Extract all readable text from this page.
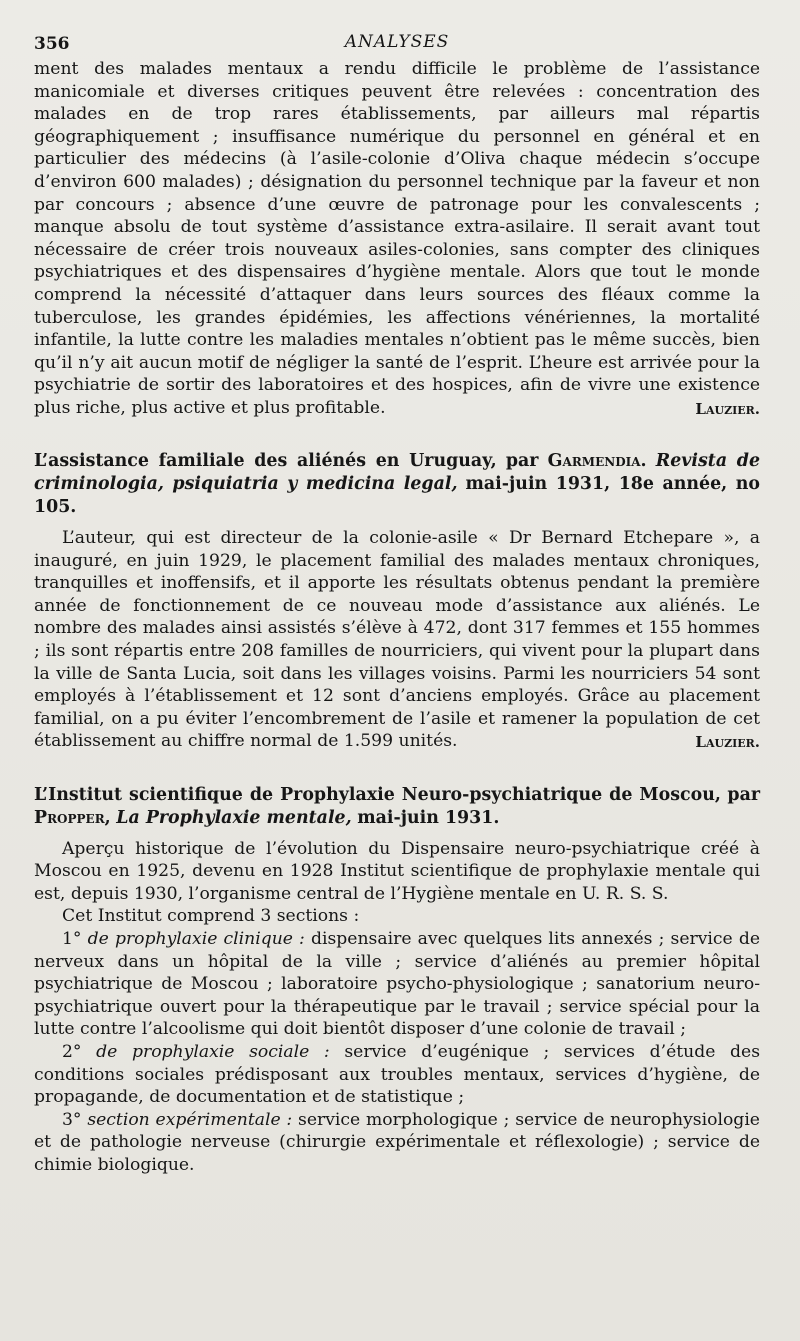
356	ANALYSES

ment des malades mentaux a rendu difficile le problème de l’assistance manicomiale et diverses critiques peuvent être relevées : concentration des malades en de trop rares établissements, par ailleurs mal répartis géographiquement ; insuffisance numérique du personnel en général et en particulier des médecins (à l’asile-colonie d’Oliva chaque médecin s’occupe d’environ 600 malades) ; désignation du personnel technique par la faveur et non par concours ; absence d’une œuvre de patronage pour les convalescents ; manque absolu de tout système d’assistance extra-asilaire. Il serait avant tout nécessaire de créer trois nouveaux asiles-colonies, sans compter des cliniques psychiatriques et des dispensaires d’hygiène mentale. Alors que tout le monde comprend la nécessité d’attaquer dans leurs sources des fléaux comme la tuberculose, les grandes épidémies, les affections vénériennes, la mortalité infantile, la lutte contre les maladies mentales n’obtient pas le même succès, bien qu’il n’y ait aucun motif de négliger la santé de l’esprit. L’heure est arrivée pour la psychiatrie de sortir des laboratoires et des hospices, afin de vivre une existence plus riche, plus active et plus profitable.	Lauzier.

L’assistance familiale des aliénés en Uruguay, par Garmendia. Revista de criminologia, psiquiatria y medicina legal, mai-juin 1931, 18e année, no 105.

L’auteur, qui est directeur de la colonie-asile « Dr Bernard Etchepare », a inauguré, en juin 1929, le placement familial des malades mentaux chroniques, tranquilles et inoffensifs, et il apporte les résultats obtenus pendant la première année de fonctionnement de ce nouveau mode d’assistance aux aliénés. Le nombre des malades ainsi assistés s’élève à 472, dont 317 femmes et 155 hommes ; ils sont répartis entre 208 familles de nourriciers, qui vivent pour la plupart dans la ville de Santa Lucia, soit dans les villages voisins. Parmi les nourriciers 54 sont employés à l’établissement et 12 sont d’anciens employés. Grâce au placement familial, on a pu éviter l’encombrement de l’asile et ramener la population de cet établissement au chiffre normal de 1.599 unités.	Lauzier.

L’Institut scientifique de Prophylaxie Neuro-psychiatrique de Moscou, par Propper, La Prophylaxie mentale, mai-juin 1931.

Aperçu historique de l’évolution du Dispensaire neuro-psychiatrique créé à Moscou en 1925, devenu en 1928 Institut scientifique de prophylaxie mentale qui est, depuis 1930, l’organisme central de l’Hygiène mentale en U. R. S. S.

Cet Institut comprend 3 sections :

1° de prophylaxie clinique : dispensaire avec quelques lits annexés ; service de nerveux dans un hôpital de la ville ; service d’aliénés au premier hôpital psychiatrique de Moscou ; laboratoire psycho-physiologique ; sanatorium neuro-psychiatrique ouvert pour la thérapeutique par le travail ; service spécial pour la lutte contre l’alcoolisme qui doit bientôt disposer d’une colonie de travail ;

2° de prophylaxie sociale : service d’eugénique ; services d’étude des conditions sociales prédisposant aux troubles mentaux, services d’hygiène, de propagande, de documentation et de statistique ;

3° section expérimentale : service morphologique ; service de neurophysiologie et de pathologie nerveuse (chirurgie expérimentale et réflexologie) ; service de chimie biologique.
